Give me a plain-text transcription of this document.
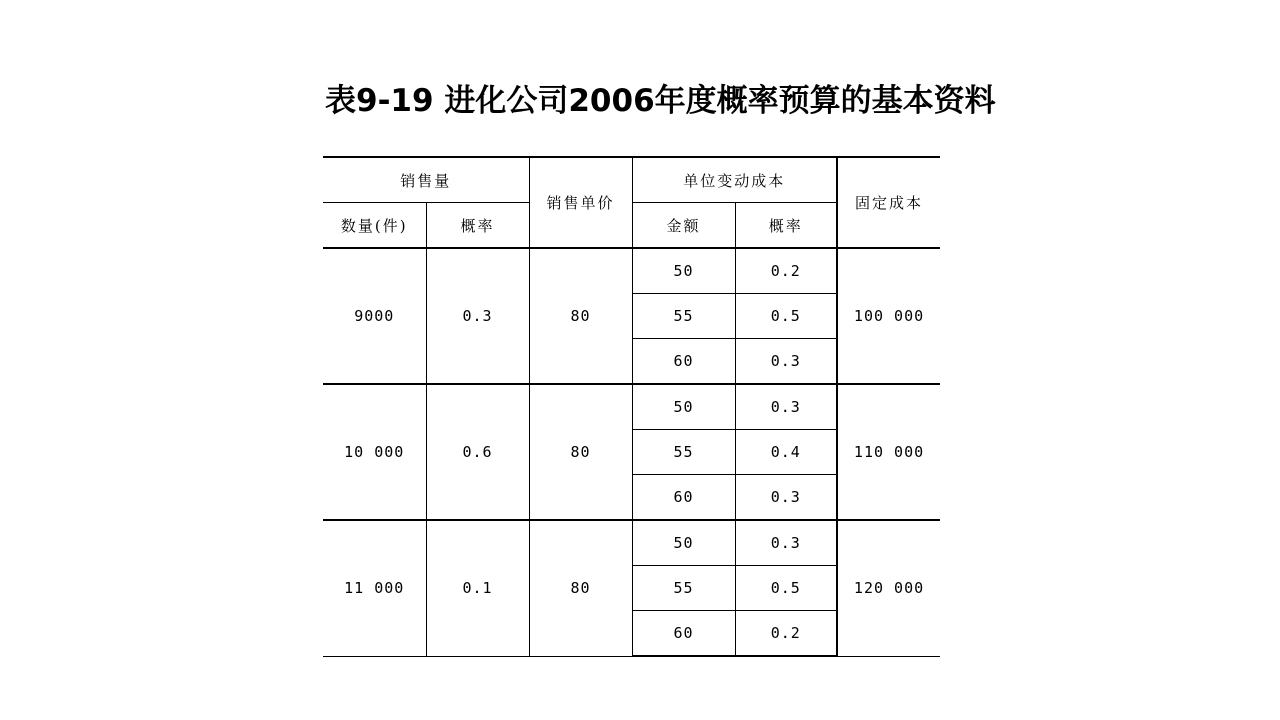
表9-19 进化公司2006年度概率预算的基本资料
销售量		销售单价	单位变动成本		固定成本
数量(件)	概率		金额	概率	
9000	0.3	80	50	0.2	100 000
			55	0.5	
			60	0.3	
10 000	0.6	80	50	0.3	110 000
			55	0.4	
			60	0.3	
11 000	0.1	80	50	0.3	120 000
			55	0.5	
			60	0.2	
